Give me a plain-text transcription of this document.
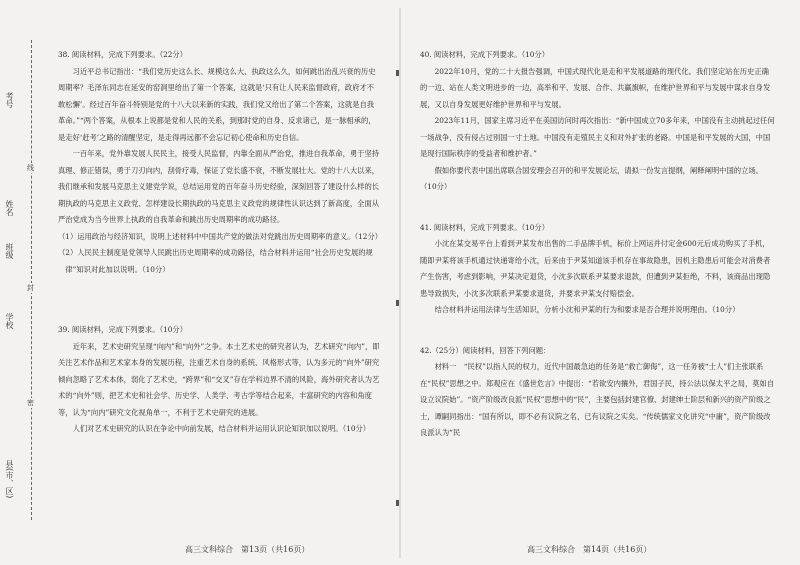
考号
姓名
班级
学校
县(市、区)
线
封
密

38. 阅读材料，完成下列要求。（22分）

习近平总书记指出：“我们党历史这么长、规模这么大、执政这么久，如何跳出治乱兴衰的历史周期率？毛泽东同志在延安的窑洞里给出了第一个答案，这就是‘只有让人民来监督政府，政府才不敢松懈’。经过百年奋斗特别是党的十八大以来新的实践，我们党又给出了第二个答案，这就是自我革命。”“两个答案，从根本上说都是党和人民的关系，到那时党的自身、反求诸己，是一脉相承的，是走好‘赶考’之路的清醒坚定，是走得再远都不会忘记初心使命和历史自信。

一百年来，党外靠发展人民民主，接受人民监督，内靠全面从严治党，推进自我革命，勇于坚持真理、修正错误，勇于刀刃向内，刮骨疗毒，保证了党长盛不衰，不断发展壮大。党的十八大以来，我们继承和发展马克思主义建党学说，总结运用党的百年奋斗历史经验，深刻回答了建设什么样的长期执政的马克思主义政党、怎样建设长期执政的马克思主义政党的规律性认识达到了新高度，全面从严治党成为当今世界上执政的自我革命和跳出历史周期率的成功路径。

（1）运用政治与经济知识，说明上述材料中中国共产党的做法对党跳出历史周期率的意义。（12分）

（2）人民民主制度是党领导人民跳出历史周期率的成功路径，结合材料并运用“社会历史发展的规律”知识对此加以说明。（10分）

39. 阅读材料，完成下列要求。（10分）

近年来，艺术史研究呈现“向内”和“向外”之争。本土艺术史的研究者认为，艺术研究“向内”，即关注艺术作品和艺术家本身的发展历程，注重艺术自身的系统、风格形式等，认为多元的“向外”研究倾向忽略了艺术本体，弱化了艺术史，“跨界”和“交叉”存在学科边界不清的风险，海外研究者认为艺术的“向外”则，把艺术史和社会学、历史学、人类学、考古学等结合起来，丰富研究的内容和角度等，认为“向内”研究文化视角单一，不利于艺术史研究的进展。

人们对艺术史研究的认识在争论中向前发展，结合材料并运用认识论知识加以说明。（10分）

40. 阅读材料，完成下列要求。（10分）

2022年10月，党的二十大报告强调，中国式现代化是走和平发展道路的现代化。我们坚定站在历史正确的一边、站在人类文明进步的一边，高举和平、发展、合作、共赢旗帜，在维护世界和平与发展中谋求自身发展，又以自身发展更好维护世界和平与发展。

2023年11月，国家主席习近平在美国访问时再次指出：“新中国成立70多年来，中国没有主动挑起过任何一场战争，没有侵占过别国一寸土地。中国没有走殖民主义和对外扩张的老路。中国是和平发展的大国，中国是现行国际秩序的受益者和维护者。”

假如你要代表中国出席联合国安理会召开的和平发展论坛，请拟一份发言提纲，阐释阐明中国的立场。（10分）

41. 阅读材料，完成下列要求。（10分）

小沈在某交易平台上看到尹某发布出售的二手品牌手机，标价上网运并付定金600元后成功购买了手机，随即尹某将该手机通过快递寄给小沈，后来由于尹某知道该手机存在事故隐患，因机主隐患后可能会对消费者产生伤害，考虑到影响，尹某决定退货，小沈多次联系尹某要求退款，但遭到尹某拒绝，不料，该商品出现隐患导致损失，小沈多次联系尹某要求退货，并要求尹某支付赔偿金。

结合材料并运用法律与生活知识，分析小沈和尹某的行为和要求是否合理并说明理由。（10分）

42.（25分）阅读材料，回答下列问题：

材料一　“民权”以指人民的权力，近代中国最急迫的任务是“救亡御侮”，这一任务被“士人”们主张联系在“民权”思想之中。郑观应在《盛世危言》中提出：“若欲安内攘外，君国子民，持公法以保太平之局，莫如自设立议院始”。“资产阶级改良派“民权”思想中的“民”，主要包括封建官僚、封建绅士阶层和新兴的资产阶级之士，谭嗣同指出：“国有所以，即不必有议院之名，已有议院之实矣。“传统儒家文化讲究“中庸”，资产阶级改良派认为“民

高三文科综合　第13页（共16页）	高三文科综合　第14页（共16页）
